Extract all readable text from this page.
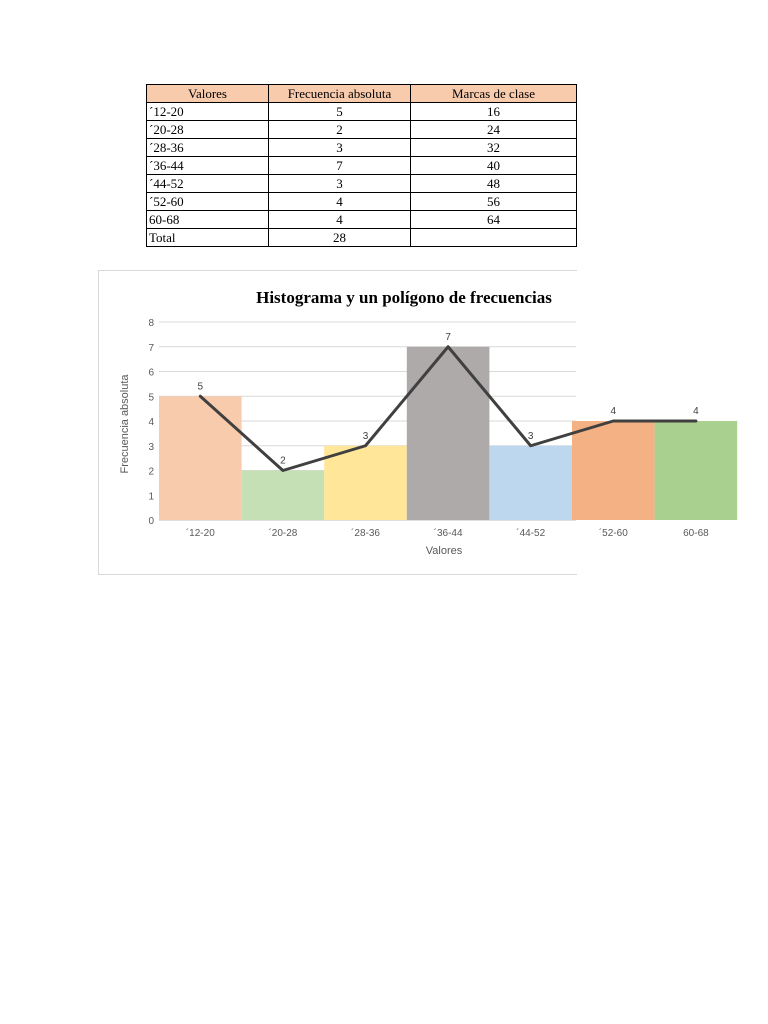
Valores	Frecuencia absoluta	Marcas de clase
´12-20	5	16
´20-28	2	24
´28-36	3	32
´36-44	7	40
´44-52	3	48
´52-60	4	56
60-68	4	64
Total	28	
Histograma y un polígono de frecuencias
Valores
Frecuencia absoluta
0
1
2
3
4
5
6
7
8
´12-20
5
´20-28
2
´28-36
3
´36-44
7
´44-52
3
´52-60
4
60-68
4
